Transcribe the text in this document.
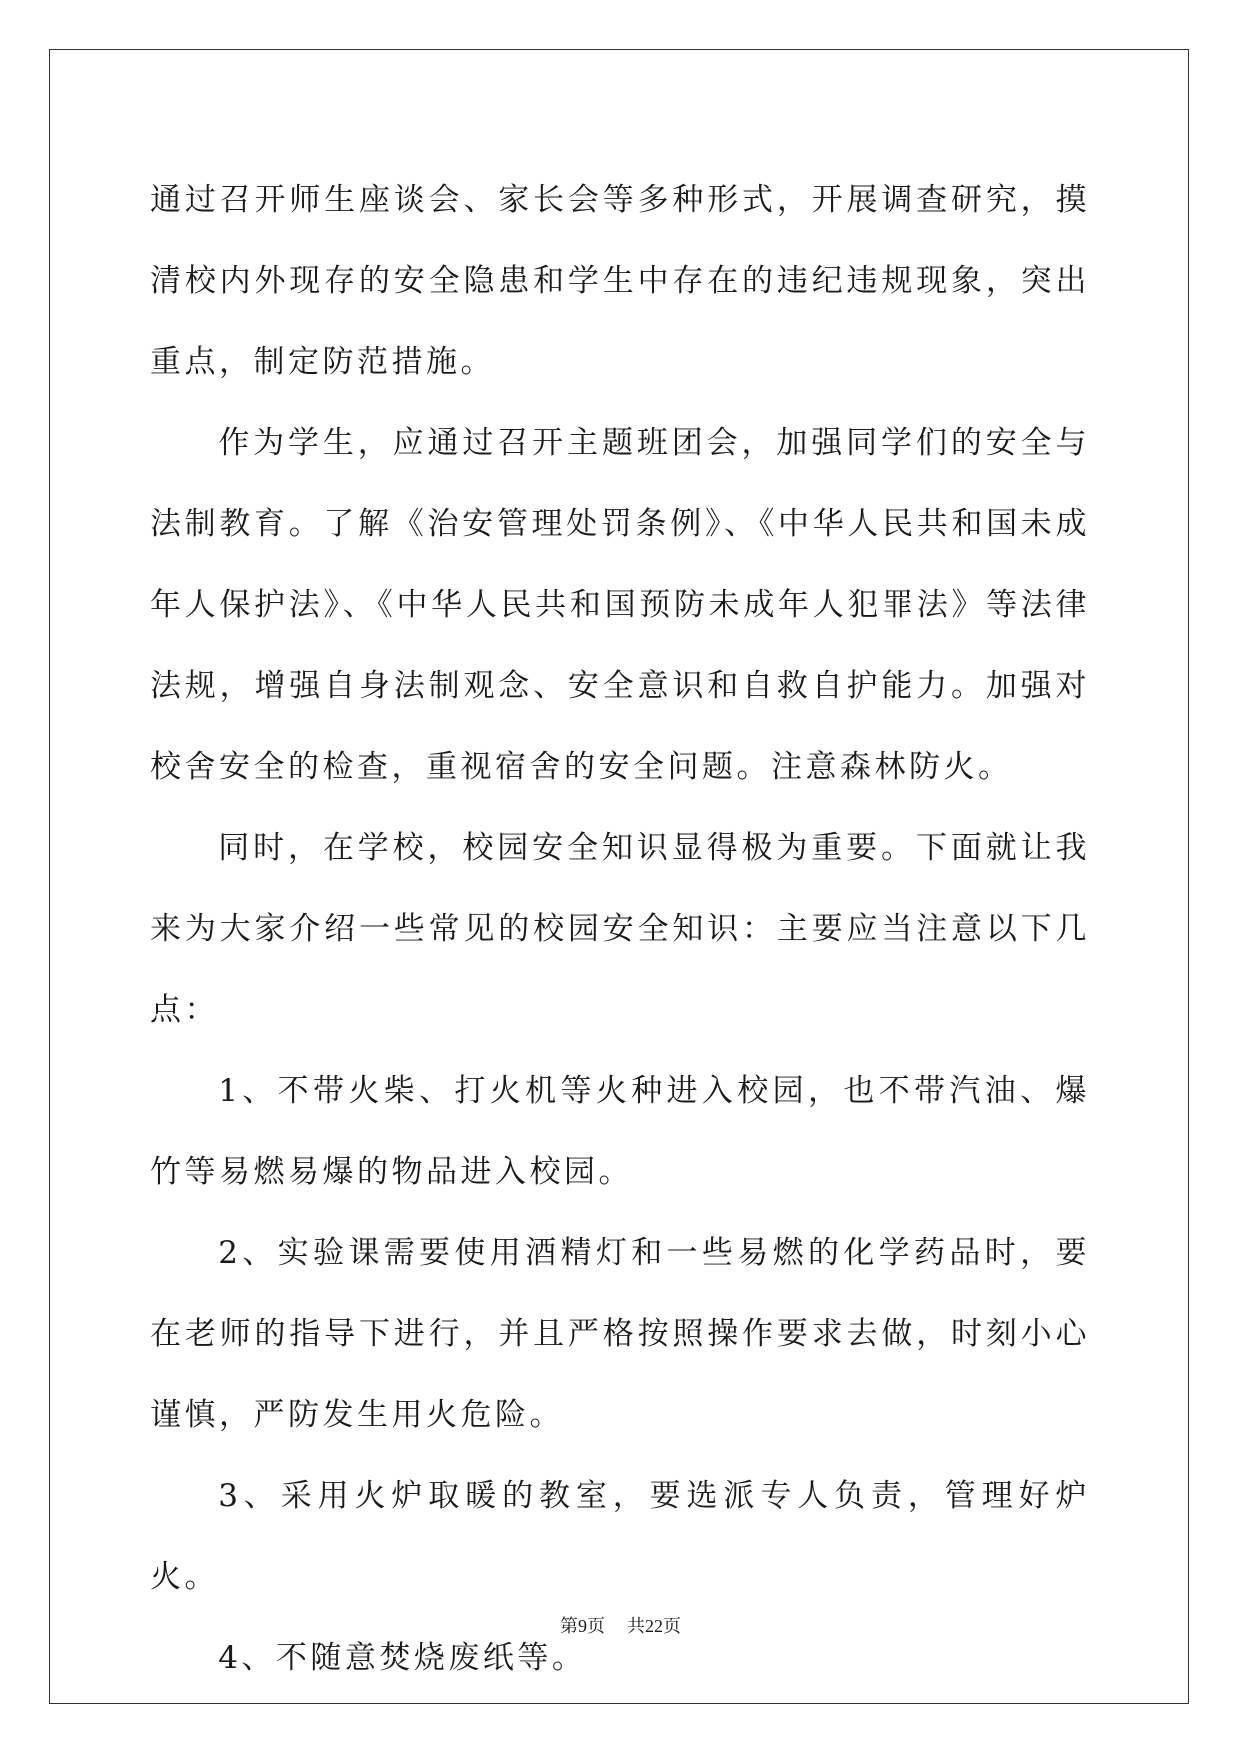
通过召开师生座谈会、家长会等多种形式，开展调查研究，摸清校内外现存的安全隐患和学生中存在的违纪违规现象，突出重点，制定防范措施。

作为学生，应通过召开主题班团会，加强同学们的安全与法制教育。了解《治安管理处罚条例》、《中华人民共和国未成年人保护法》、《中华人民共和国预防未成年人犯罪法》等法律法规，增强自身法制观念、安全意识和自救自护能力。加强对校舍安全的检查，重视宿舍的安全问题。注意森林防火。

同时，在学校，校园安全知识显得极为重要。下面就让我来为大家介绍一些常见的校园安全知识：主要应当注意以下几点：

1、不带火柴、打火机等火种进入校园，也不带汽油、爆竹等易燃易爆的物品进入校园。

2、实验课需要使用酒精灯和一些易燃的化学药品时，要在老师的指导下进行，并且严格按照操作要求去做，时刻小心谨慎，严防发生用火危险。

3、采用火炉取暖的教室，要选派专人负责，管理好炉火。

4、不随意焚烧废纸等。

第9页 共22页
